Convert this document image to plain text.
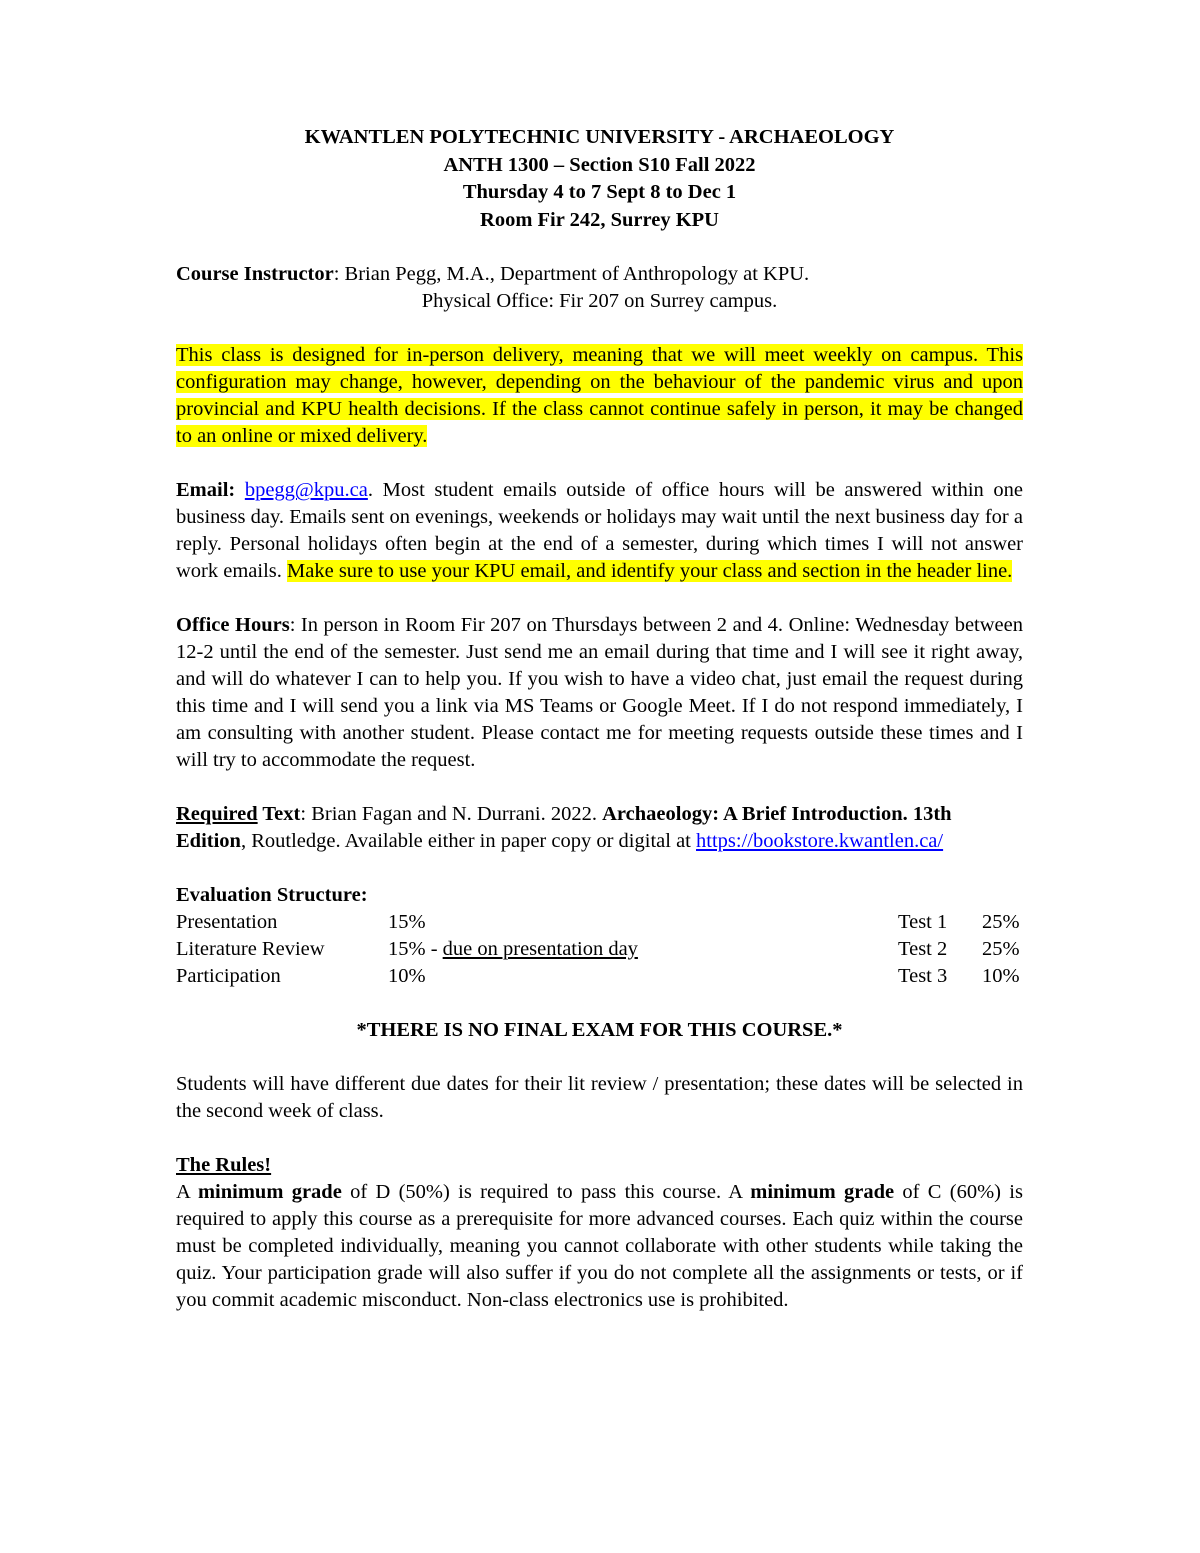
KWANTLEN POLYTECHNIC UNIVERSITY - ARCHAEOLOGY
ANTH 1300 – Section S10 Fall 2022
Thursday 4 to 7 Sept 8 to Dec 1
Room Fir 242, Surrey KPU

Course Instructor: Brian Pegg, M.A., Department of Anthropology at KPU.

Physical Office: Fir 207 on Surrey campus.

This class is designed for in-person delivery, meaning that we will meet weekly on campus. This configuration may change, however, depending on the behaviour of the pandemic virus and upon provincial and KPU health decisions. If the class cannot continue safely in person, it may be changed to an online or mixed delivery.

Email: bpegg@kpu.ca. Most student emails outside of office hours will be answered within one business day. Emails sent on evenings, weekends or holidays may wait until the next business day for a reply. Personal holidays often begin at the end of a semester, during which times I will not answer work emails. Make sure to use your KPU email, and identify your class and section in the header line.

Office Hours: In person in Room Fir 207 on Thursdays between 2 and 4. Online: Wednesday between 12-2 until the end of the semester. Just send me an email during that time and I will see it right away, and will do whatever I can to help you. If you wish to have a video chat, just email the request during this time and I will send you a link via MS Teams or Google Meet. If I do not respond immediately, I am consulting with another student. Please contact me for meeting requests outside these times and I will try to accommodate the request.

Required Text: Brian Fagan and N. Durrani. 2022. Archaeology: A Brief Introduction. 13th Edition, Routledge. Available either in paper copy or digital at https://bookstore.kwantlen.ca/

Evaluation Structure:

Presentation	15%	Test 1 25%
Literature Review	15% - due on presentation day	Test 2 25%
Participation	10%	Test 3 10%

*THERE IS NO FINAL EXAM FOR THIS COURSE.*

Students will have different due dates for their lit review / presentation; these dates will be selected in the second week of class.

The Rules!

A minimum grade of D (50%) is required to pass this course. A minimum grade of C (60%) is required to apply this course as a prerequisite for more advanced courses. Each quiz within the course must be completed individually, meaning you cannot collaborate with other students while taking the quiz. Your participation grade will also suffer if you do not complete all the assignments or tests, or if you commit academic misconduct. Non-class electronics use is prohibited.
